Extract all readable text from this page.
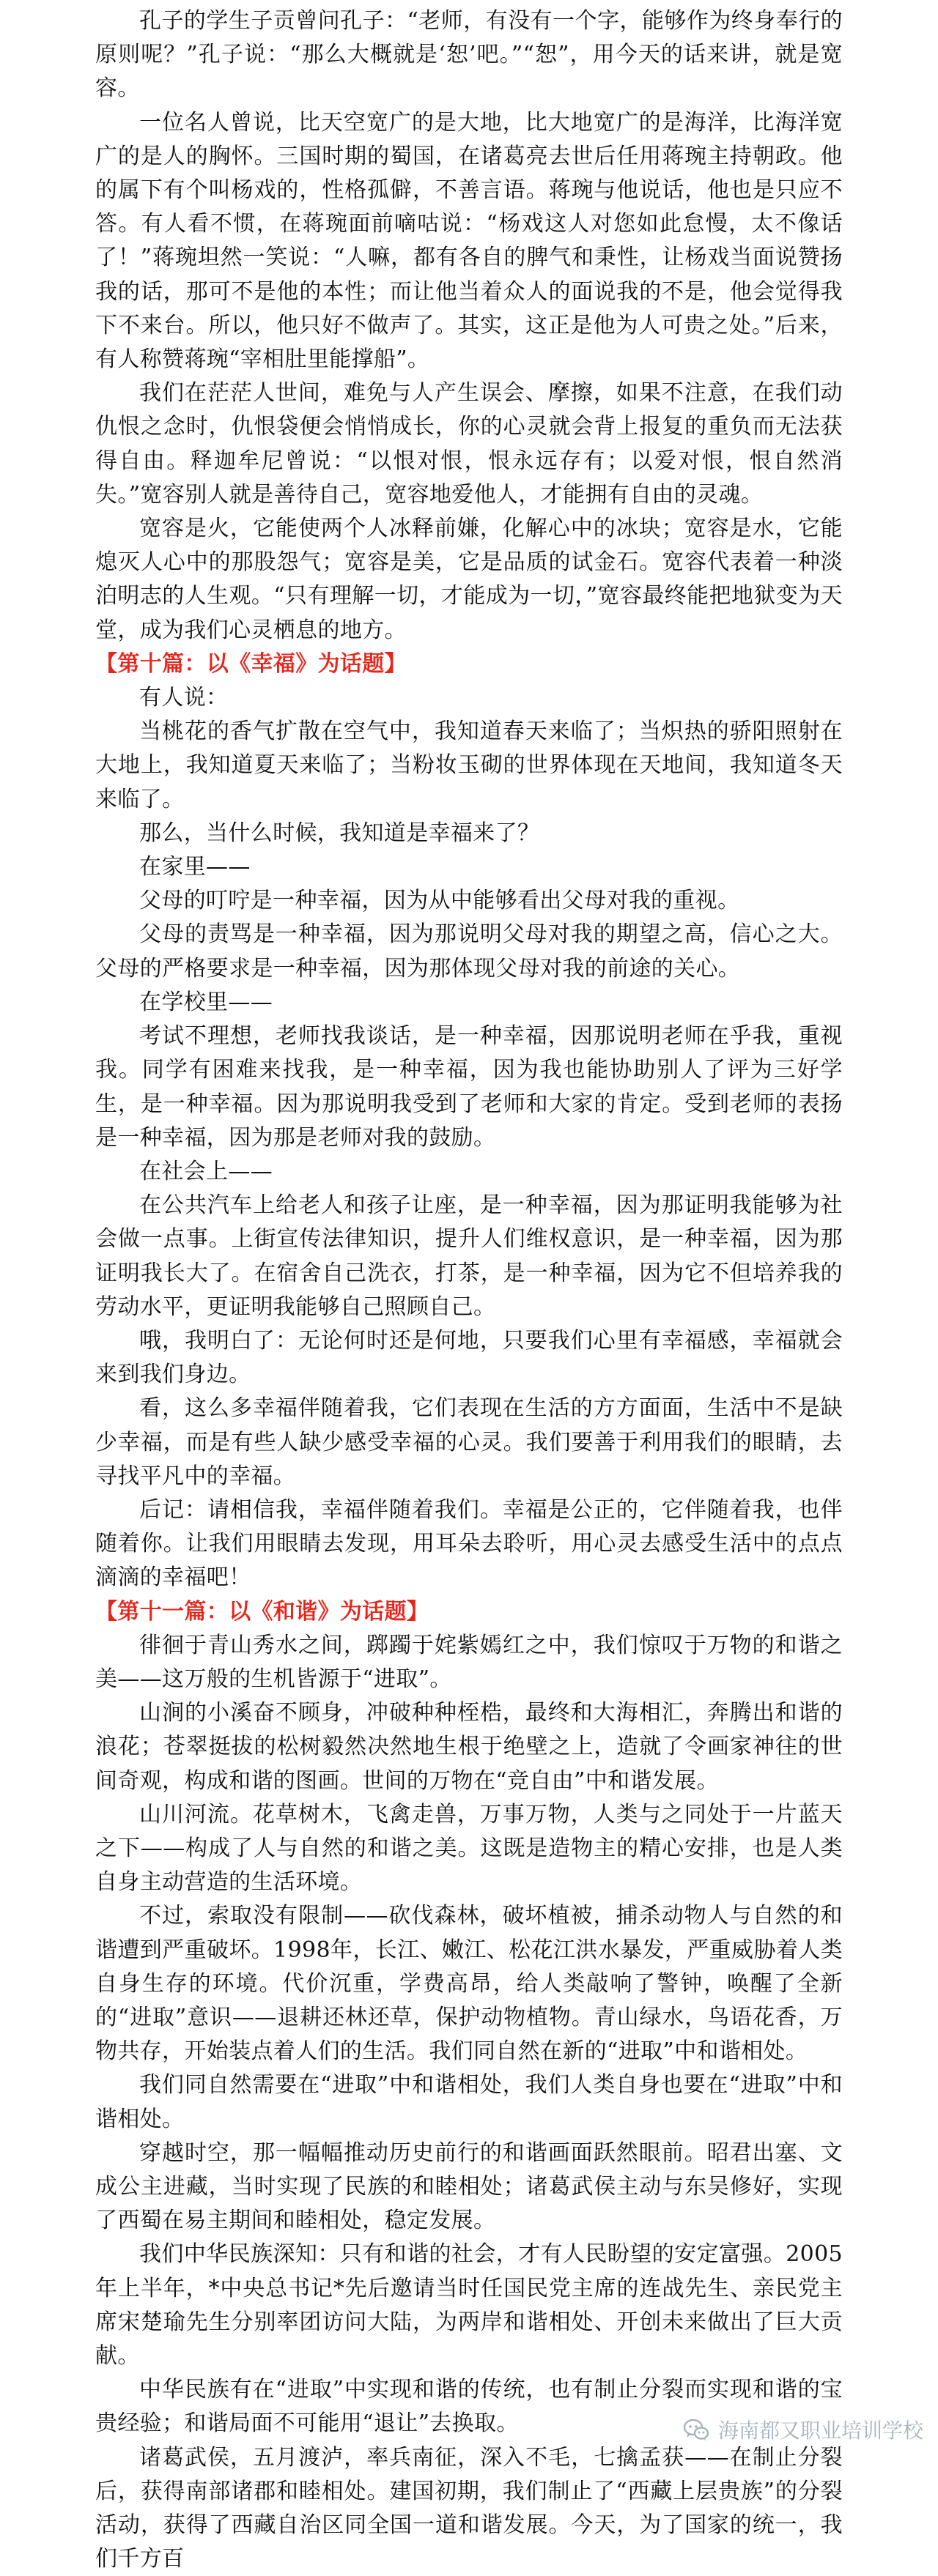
孔子的学生子贡曾问孔子：“老师，有没有一个字，能够作为终身奉行的原则呢？”孔子说：“那么大概就是‘恕’吧。”“恕”，用今天的话来讲，就是宽容。

一位名人曾说，比天空宽广的是大地，比大地宽广的是海洋，比海洋宽广的是人的胸怀。三国时期的蜀国，在诸葛亮去世后任用蒋琬主持朝政。他的属下有个叫杨戏的，性格孤僻，不善言语。蒋琬与他说话，他也是只应不答。有人看不惯，在蒋琬面前嘀咕说：“杨戏这人对您如此怠慢，太不像话了！”蒋琬坦然一笑说：“人嘛，都有各自的脾气和秉性，让杨戏当面说赞扬我的话，那可不是他的本性；而让他当着众人的面说我的不是，他会觉得我下不来台。所以，他只好不做声了。其实，这正是他为人可贵之处。”后来，有人称赞蒋琬“宰相肚里能撑船”。

我们在茫茫人世间，难免与人产生误会、摩擦，如果不注意，在我们动仇恨之念时，仇恨袋便会悄悄成长，你的心灵就会背上报复的重负而无法获得自由。释迦牟尼曾说：“以恨对恨，恨永远存有；以爱对恨，恨自然消失。”宽容别人就是善待自己，宽容地爱他人，才能拥有自由的灵魂。

宽容是火，它能使两个人冰释前嫌，化解心中的冰块；宽容是水，它能熄灭人心中的那股怨气；宽容是美，它是品质的试金石。宽容代表着一种淡泊明志的人生观。“只有理解一切，才能成为一切，”宽容最终能把地狱变为天堂，成为我们心灵栖息的地方。

【第十篇：以《幸福》为话题】

有人说：

当桃花的香气扩散在空气中，我知道春天来临了；当炽热的骄阳照射在大地上，我知道夏天来临了；当粉妆玉砌的世界体现在天地间，我知道冬天来临了。

那么，当什么时候，我知道是幸福来了？

在家里——

父母的叮咛是一种幸福，因为从中能够看出父母对我的重视。

父母的责骂是一种幸福，因为那说明父母对我的期望之高，信心之大。父母的严格要求是一种幸福，因为那体现父母对我的前途的关心。

在学校里——

考试不理想，老师找我谈话，是一种幸福，因那说明老师在乎我，重视我。同学有困难来找我，是一种幸福，因为我也能协助别人了评为三好学生，是一种幸福。因为那说明我受到了老师和大家的肯定。受到老师的表扬是一种幸福，因为那是老师对我的鼓励。

在社会上——

在公共汽车上给老人和孩子让座，是一种幸福，因为那证明我能够为社会做一点事。上街宣传法律知识，提升人们维权意识，是一种幸福，因为那证明我长大了。在宿舍自己洗衣，打茶，是一种幸福，因为它不但培养我的劳动水平，更证明我能够自己照顾自己。

哦，我明白了：无论何时还是何地，只要我们心里有幸福感，幸福就会来到我们身边。

看，这么多幸福伴随着我，它们表现在生活的方方面面，生活中不是缺少幸福，而是有些人缺少感受幸福的心灵。我们要善于利用我们的眼睛，去寻找平凡中的幸福。

后记：请相信我，幸福伴随着我们。幸福是公正的，它伴随着我，也伴随着你。让我们用眼睛去发现，用耳朵去聆听，用心灵去感受生活中的点点滴滴的幸福吧！

【第十一篇：以《和谐》为话题】

徘徊于青山秀水之间，踯躅于姹紫嫣红之中，我们惊叹于万物的和谐之美——这万般的生机皆源于“进取”。

山涧的小溪奋不顾身，冲破种种桎梏，最终和大海相汇，奔腾出和谐的浪花；苍翠挺拔的松树毅然决然地生根于绝壁之上，造就了令画家神往的世间奇观，构成和谐的图画。世间的万物在“竞自由”中和谐发展。

山川河流。花草树木，飞禽走兽，万事万物，人类与之同处于一片蓝天之下——构成了人与自然的和谐之美。这既是造物主的精心安排，也是人类自身主动营造的生活环境。

不过，索取没有限制——砍伐森林，破坏植被，捕杀动物人与自然的和谐遭到严重破坏。1998年，长江、嫩江、松花江洪水暴发，严重威胁着人类自身生存的环境。代价沉重，学费高昂，给人类敲响了警钟，唤醒了全新的“进取”意识——退耕还林还草，保护动物植物。青山绿水，鸟语花香，万物共存，开始装点着人们的生活。我们同自然在新的“进取”中和谐相处。

我们同自然需要在“进取”中和谐相处，我们人类自身也要在“进取”中和谐相处。

穿越时空，那一幅幅推动历史前行的和谐画面跃然眼前。昭君出塞、文成公主进藏，当时实现了民族的和睦相处；诸葛武侯主动与东吴修好，实现了西蜀在易主期间和睦相处，稳定发展。

我们中华民族深知：只有和谐的社会，才有人民盼望的安定富强。2005年上半年，*中央总书记*先后邀请当时任国民党主席的连战先生、亲民党主席宋楚瑜先生分别率团访问大陆，为两岸和谐相处、开创未来做出了巨大贡献。

中华民族有在“进取”中实现和谐的传统，也有制止分裂而实现和谐的宝贵经验；和谐局面不可能用“退让”去换取。

诸葛武侯，五月渡泸，率兵南征，深入不毛，七擒孟获——在制止分裂后，获得南部诸郡和睦相处。建国初期，我们制止了“西藏上层贵族”的分裂活动，获得了西藏自治区同全国一道和谐发展。今天，为了国家的统一，我们千方百

海南都又职业培训学校
